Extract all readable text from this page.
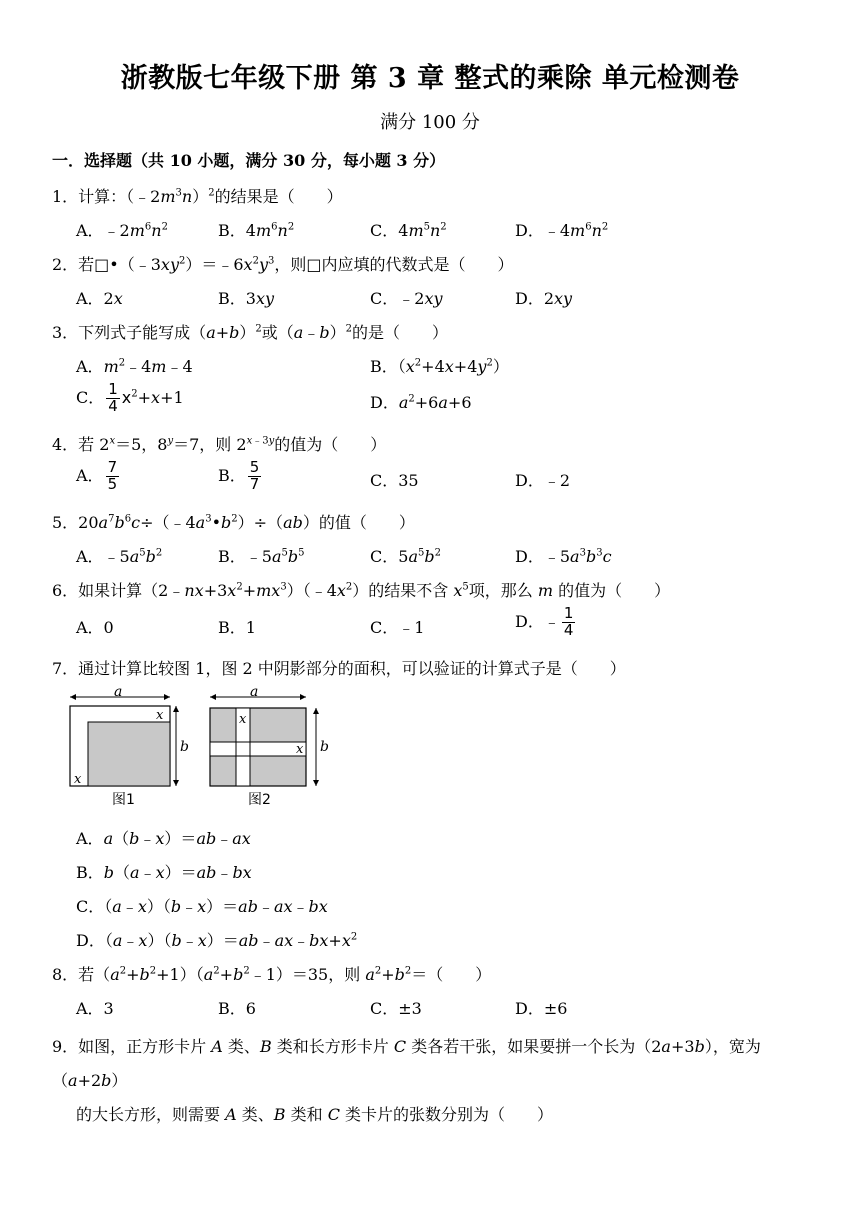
浙教版七年级下册 第 3 章 整式的乘除 单元检测卷
满分 100 分
一．选择题（共 10 小题，满分 30 分，每小题 3 分）
1．计算：$(﹣2m^3n)^2$的结果是（　　）
A．$﹣2m^6n^2$	B．$4m^6n^2$	C．$4m^5n^2$	D．$﹣4m^6n^2$
2．若$□•(﹣3xy^2)=﹣6x^2y^3$，则□内应填的代数式是（　　）
A．2x	B．3xy	C．﹣2xy	D．2xy
3．下列式子能写成$(a+b)^2$或（a﹣b）$^2$的是（　　）
A．$m^2﹣4m﹣4$	B．$(x^2+4x+4y^2)$
C． $\frac{1}{4} x^2+x+1$	D．$a^2+6a+6$
4．若 $2^x=5$，$8^y=7$，则 $2^{x﹣3y}$的值为（　　）
A． $\frac{7}{5}$	B． $\frac{5}{7}$	C．35	D．﹣2
5．$20a^7b^6c\div(﹣4a^3•b^2)\div(ab)$的值（　　）
A．$﹣5a^5b^2$	B．$﹣5a^5b^5$	C．$5a^5b^2$	D．$﹣5a^3b^3c$
6．如果计算$(2﹣nx+3x^2+mx^3)(﹣4x^2)$的结果不含 $x^5$项，那么 m 的值为（　　）
A．0	B．1	C．﹣1	D．﹣ $\frac{1}{4}$
7．通过计算比较图 1，图 2 中阴影部分的面积，可以验证的计算式子是（　　）
a
x
x
b
图1
a
x
x b
图2
A．a（b﹣x）＝ab﹣ax
B．b（a﹣x）＝ab﹣bx
C．（a﹣x）（b﹣x）＝ab﹣ax﹣bx
D．$(a﹣x)(b﹣x)=ab﹣ax﹣bx+x^2$
8．若$(a^2+b^2+1)(a^2+b^2﹣1)=35$，则 $a^2+b^2=$（　　）
A．3	B．6	C．±3	D．±6
9．如图，正方形卡片 A 类、B 类和长方形卡片 C 类各若干张，如果要拼一个长为（2a+3b），宽为（a+2b）
的大长方形，则需要 A 类、B 类和 C 类卡片的张数分别为（　　）
